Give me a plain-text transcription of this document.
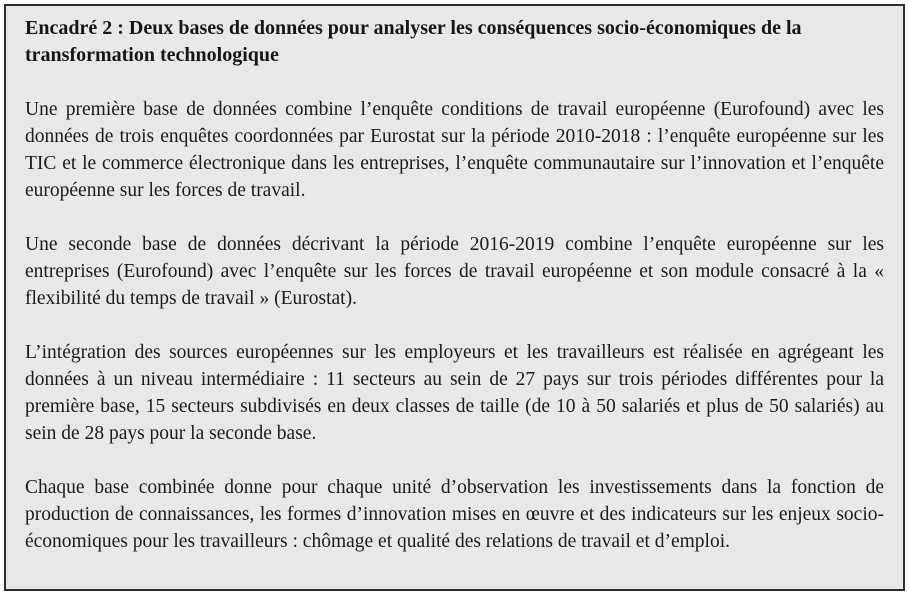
Encadré 2 : Deux bases de données pour analyser les conséquences socio-économiques de la transformation technologique

Une première base de données combine l’enquête conditions de travail européenne (Eurofound) avec les données de trois enquêtes coordonnées par Eurostat sur la période 2010-2018 : l’enquête européenne sur les TIC et le commerce électronique dans les entreprises, l’enquête communautaire sur l’innovation et l’enquête européenne sur les forces de travail.

Une seconde base de données décrivant la période 2016-2019 combine l’enquête européenne sur les entreprises (Eurofound) avec l’enquête sur les forces de travail européenne et son module consacré à la « flexibilité du temps de travail » (Eurostat).

L’intégration des sources européennes sur les employeurs et les travailleurs est réalisée en agrégeant les données à un niveau intermédiaire : 11 secteurs au sein de 27 pays sur trois périodes différentes pour la première base, 15 secteurs subdivisés en deux classes de taille (de 10 à 50 salariés et plus de 50 salariés) au sein de 28 pays pour la seconde base.

Chaque base combinée donne pour chaque unité d’observation les investissements dans la fonction de production de connaissances, les formes d’innovation mises en œuvre et des indicateurs sur les enjeux socio-économiques pour les travailleurs : chômage et qualité des relations de travail et d’emploi.
